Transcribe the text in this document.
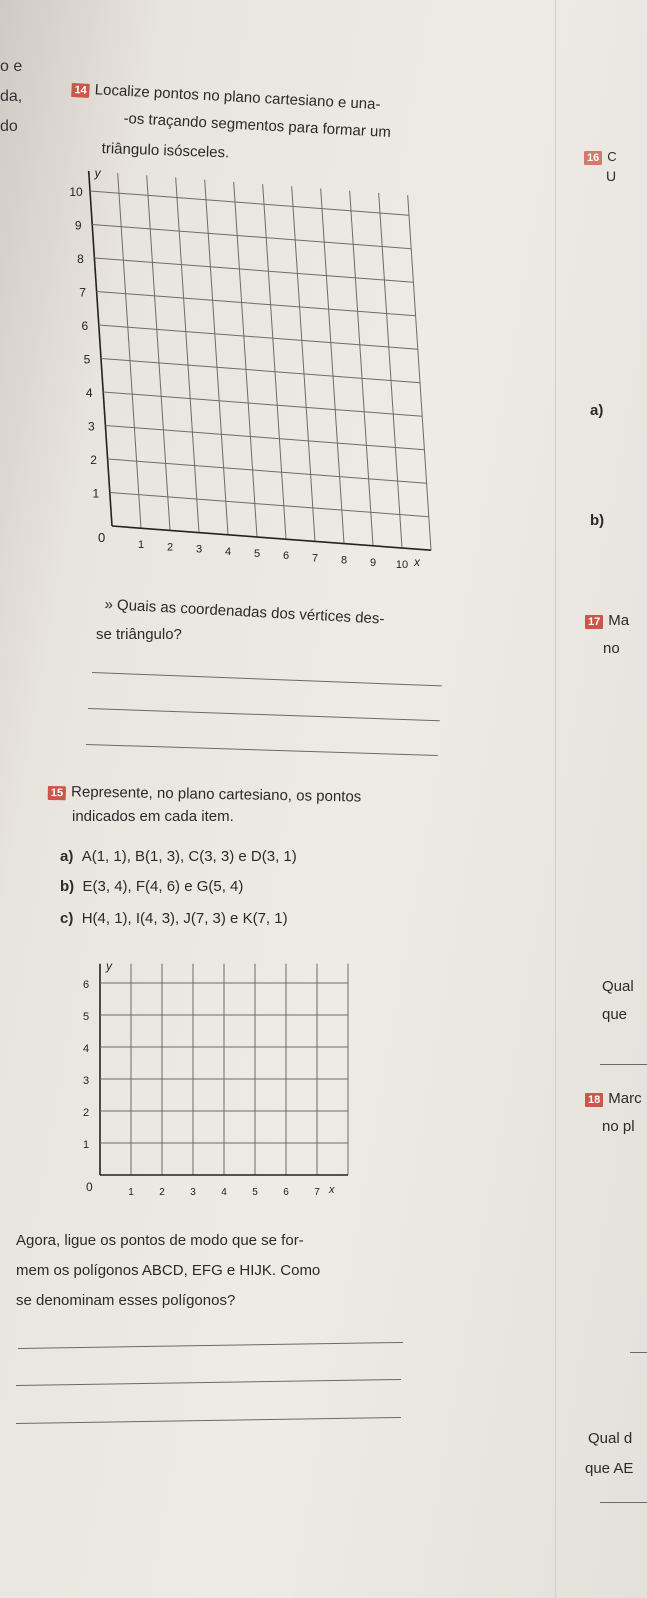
o e
da,
do
14 Localize pontos no plano cartesiano e una-
-os traçando segmentos para formar um
triângulo isósceles.
y
x
0
10
9
8
7
6
5
4
3
2
1
1 2 3 4 5 6 7 8 9 10
» Quais as coordenadas dos vértices des-
se triângulo?
15 Represente, no plano cartesiano, os pontos
indicados em cada item.
a) A(1, 1), B(1, 3), C(3, 3) e D(3, 1)
b) E(3, 4), F(4, 6) e G(5, 4)
c) H(4, 1), I(4, 3), J(7, 3) e K(7, 1)
y
x
0
6
5
4
3
2
1
1	2	3	4	5	6	7
Agora, ligue os pontos de modo que se for-
mem os polígonos ABCD, EFG e HIJK. Como
se denominam esses polígonos?
16 C
U
a)
b)
17 Ma
no
Qual
que
18 Marc
no pl
Qual d
que AE
